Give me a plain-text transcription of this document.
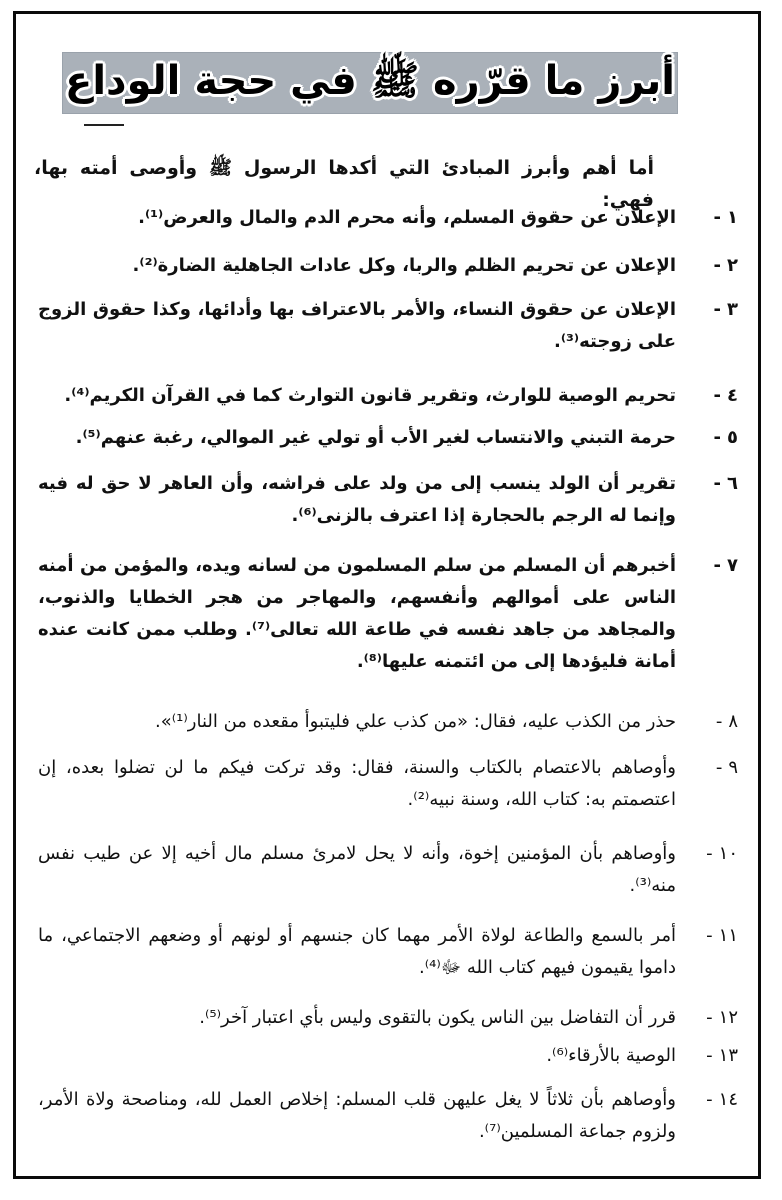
أبرز ما قرّره ﷺ في حجة الوداع

أما أهم وأبرز المبادئ التي أكدها الرسول ﷺ وأوصى أمته بها، فهي:

١-
الإعلان عن حقوق المسلم، وأنه محرم الدم والمال والعرض⁽¹⁾.
٢-
الإعلان عن تحريم الظلم والربا، وكل عادات الجاهلية الضارة⁽²⁾.
٣-
الإعلان عن حقوق النساء، والأمر بالاعتراف بها وأدائها، وكذا حقوق الزوج على زوجته⁽³⁾.
٤-
تحريم الوصية للوارث، وتقرير قانون التوارث كما في القرآن الكريم⁽⁴⁾.
٥-
حرمة التبني والانتساب لغير الأب أو تولي غير الموالي، رغبة عنهم⁽⁵⁾.
٦-
تقرير أن الولد ينسب إلى من ولد على فراشه، وأن العاهر لا حق له فيه وإنما له الرجم بالحجارة إذا اعترف بالزنى⁽⁶⁾.
٧-
أخبرهم أن المسلم من سلم المسلمون من لسانه ويده، والمؤمن من أمنه الناس على أموالهم وأنفسهم، والمهاجر من هجر الخطايا والذنوب، والمجاهد من جاهد نفسه في طاعة الله تعالى⁽⁷⁾. وطلب ممن كانت عنده أمانة فليؤدها إلى من ائتمنه عليها⁽⁸⁾.
٨-
حذر من الكذب عليه، فقال: «من كذب علي فليتبوأ مقعده من النار⁽¹⁾».
٩-
وأوصاهم بالاعتصام بالكتاب والسنة، فقال: وقد تركت فيكم ما لن تضلوا بعده، إن اعتصمتم به: كتاب الله، وسنة نبيه⁽²⁾.
١٠-
وأوصاهم بأن المؤمنين إخوة، وأنه لا يحل لامرئ مسلم مال أخيه إلا عن طيب نفس منه⁽³⁾.
١١-
أمر بالسمع والطاعة لولاة الأمر مهما كان جنسهم أو لونهم أو وضعهم الاجتماعي، ما داموا يقيمون فيهم كتاب الله ﷻ⁽⁴⁾.
١٢-
قرر أن التفاضل بين الناس يكون بالتقوى وليس بأي اعتبار آخر⁽⁵⁾.
١٣-
الوصية بالأرقاء⁽⁶⁾.
١٤-
وأوصاهم بأن ثلاثاً لا يغل عليهن قلب المسلم: إخلاص العمل لله، ومناصحة ولاة الأمر، ولزوم جماعة المسلمين⁽⁷⁾.
